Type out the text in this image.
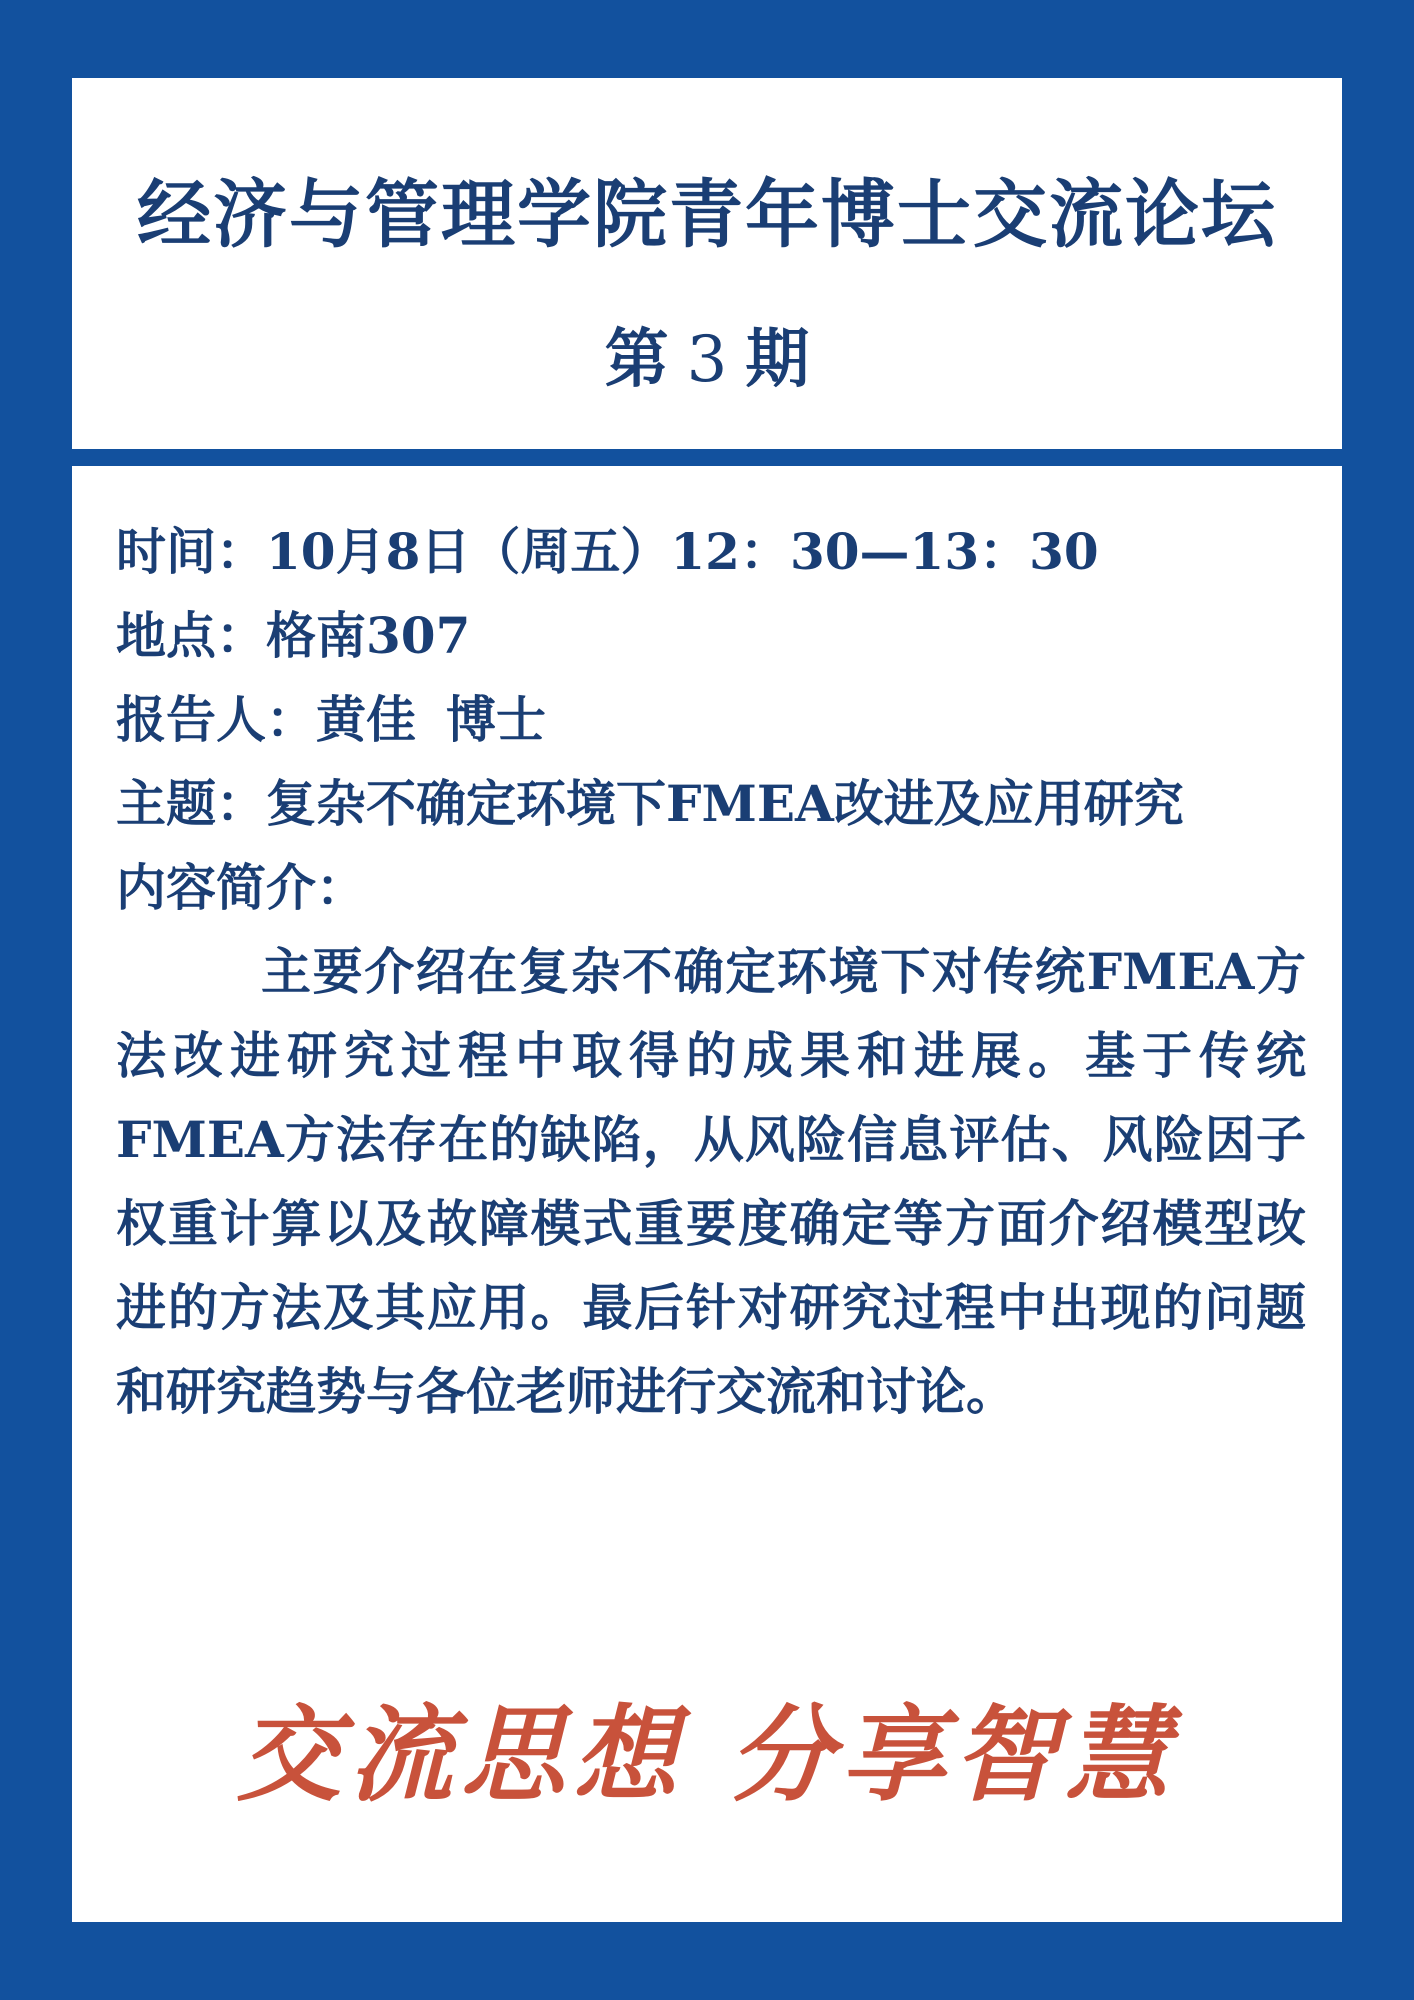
经济与管理学院青年博士交流论坛
第 3 期
时间：10月8日（周五）12：30—13：30
地点：格南307
报告人：黄佳 博士
主题：复杂不确定环境下FMEA改进及应用研究
内容简介：
主要介绍在复杂不确定环境下对传统FMEA方法改进研究过程中取得的成果和进展。基于传统FMEA方法存在的缺陷，从风险信息评估、风险因子权重计算以及故障模式重要度确定等方面介绍模型改进的方法及其应用。最后针对研究过程中出现的问题和研究趋势与各位老师进行交流和讨论。
交流思想 分享智慧
